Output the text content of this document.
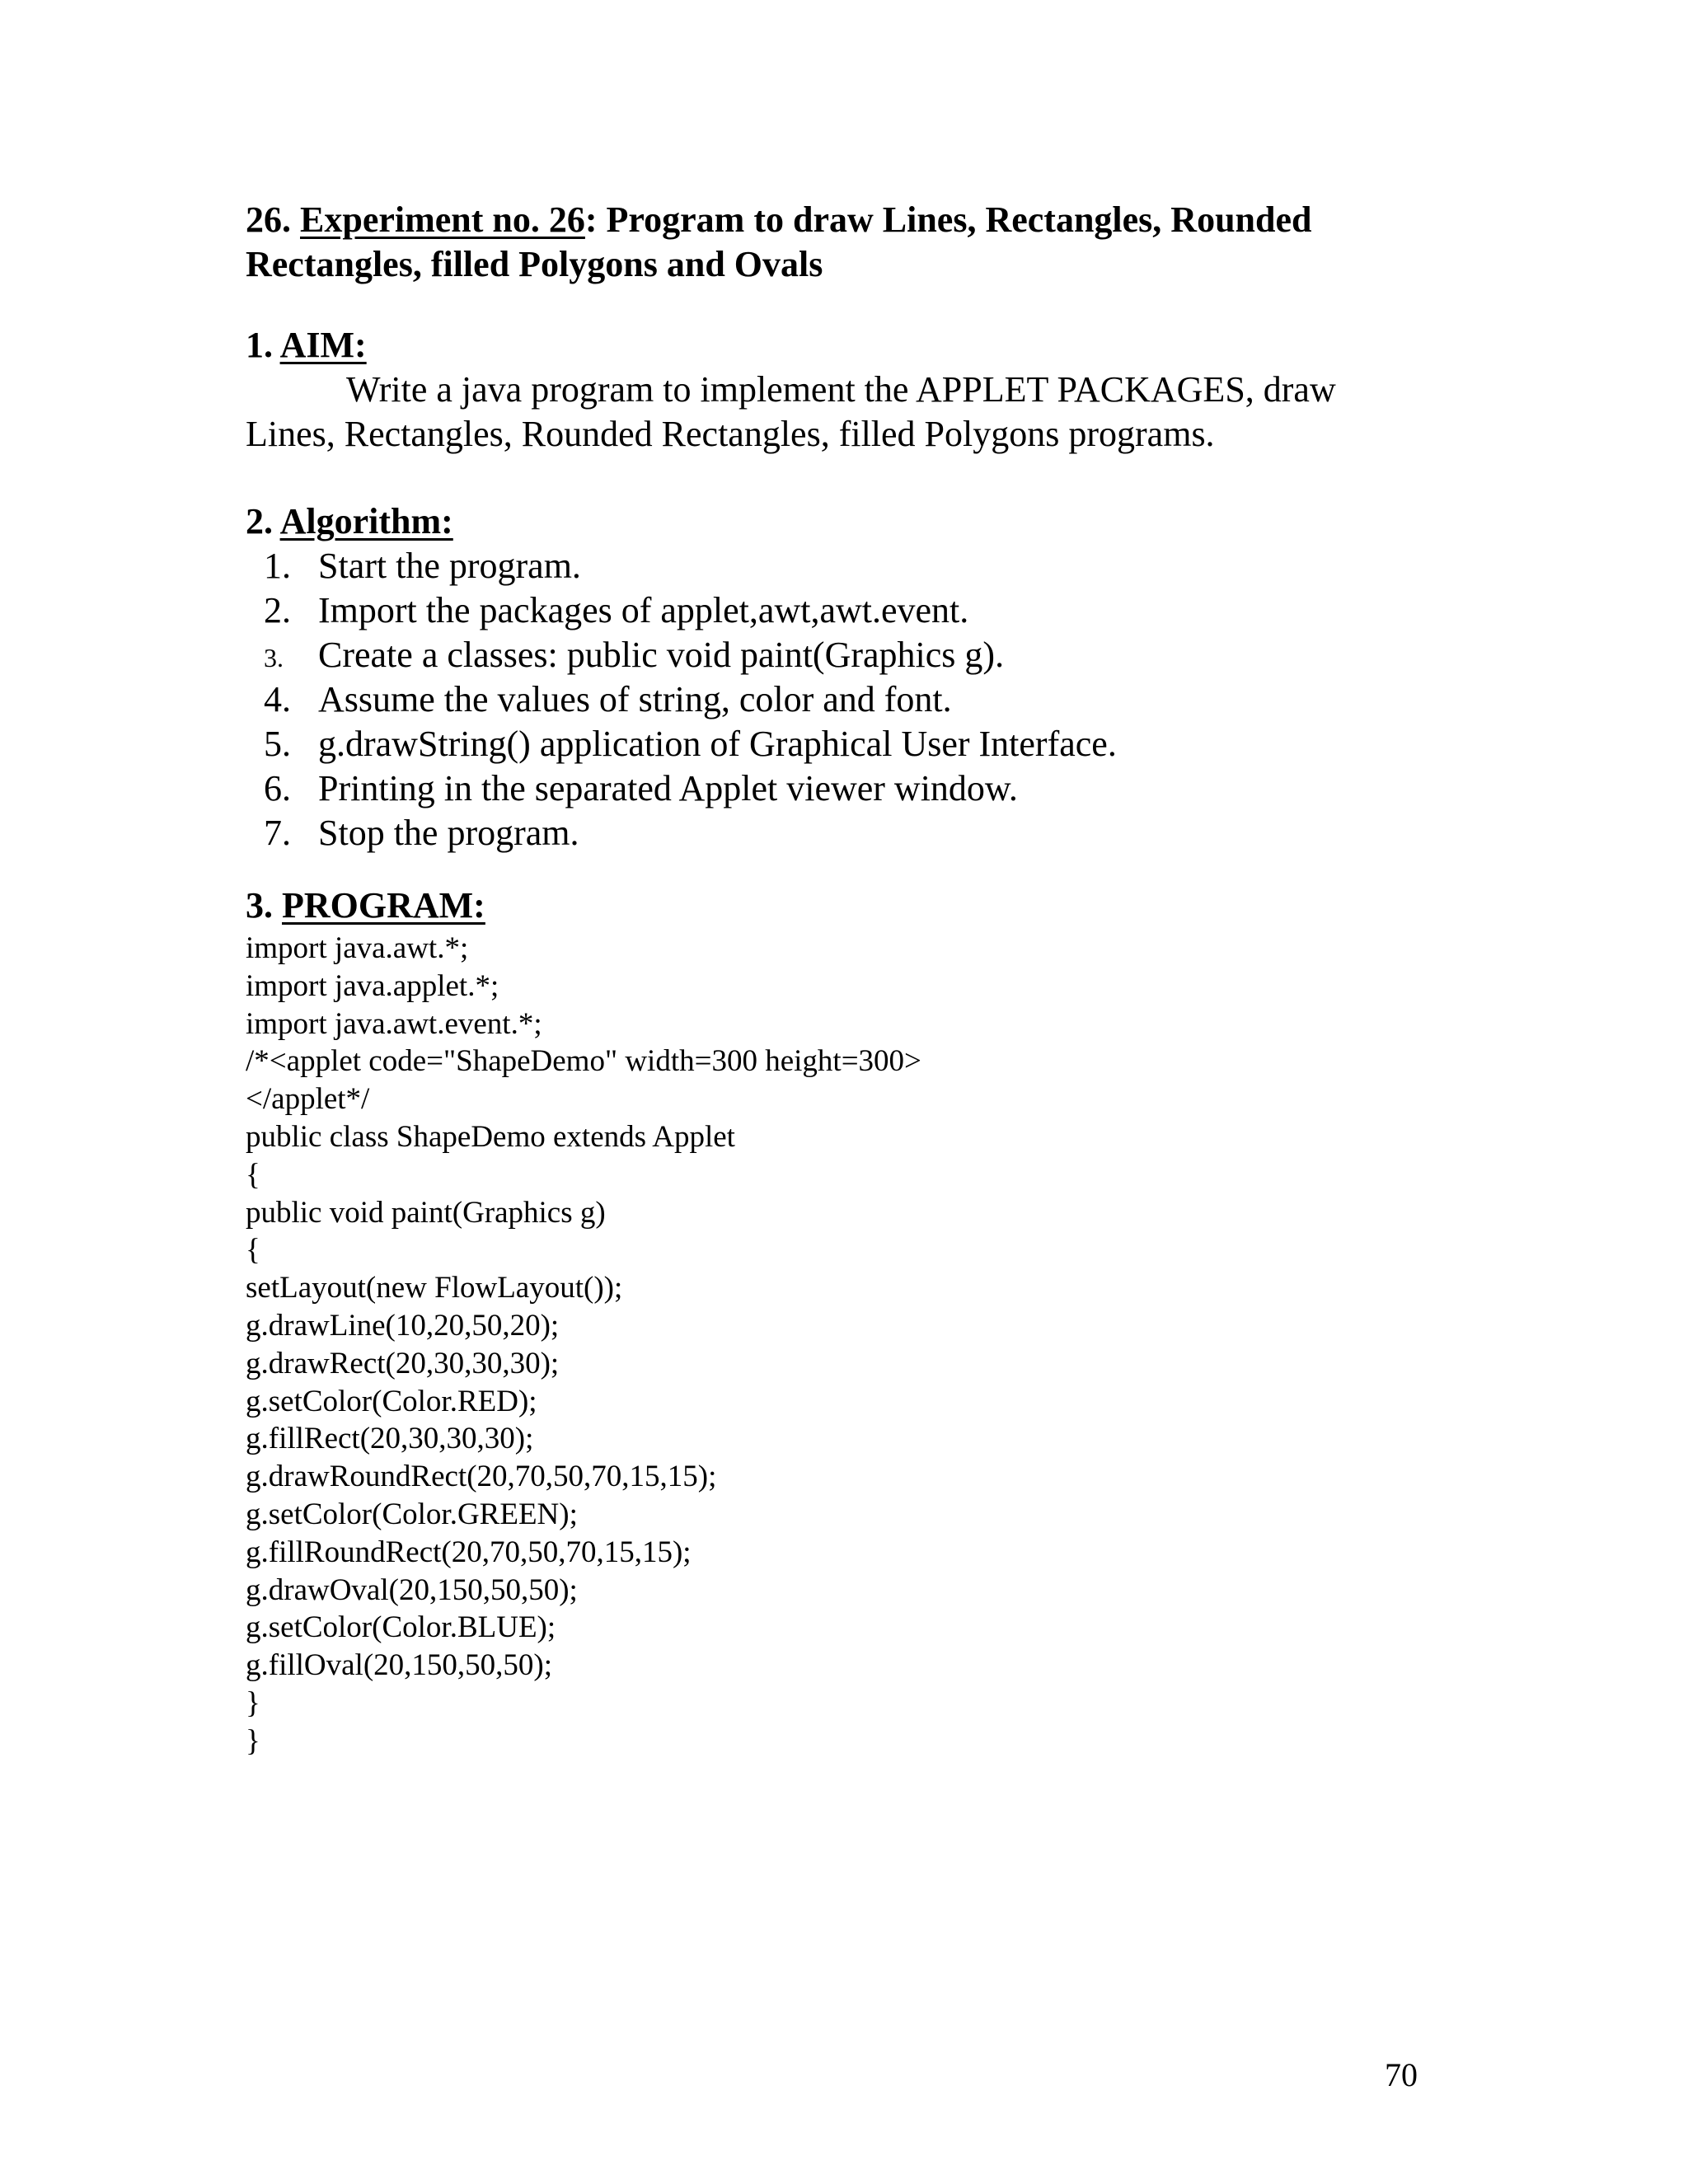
26. Experiment no. 26: Program to draw Lines, Rectangles, Rounded
Rectangles, filled Polygons and Ovals
1. AIM:
Write a java program to implement the APPLET PACKAGES, draw
Lines, Rectangles, Rounded Rectangles, filled Polygons programs.
2. Algorithm:
1. Start the program.
2. Import the packages of applet,awt,awt.event.
3. Create a classes: public void paint(Graphics g).
4. Assume the values of string, color and font.
5. g.drawString() application of Graphical User Interface.
6. Printing in the separated Applet viewer window.
7. Stop the program.
3. PROGRAM:
import java.awt.*;
import java.applet.*;
import java.awt.event.*;
/*<applet code="ShapeDemo" width=300 height=300>
</applet*/
public class ShapeDemo extends Applet
{
public void paint(Graphics g)
{
setLayout(new FlowLayout());
g.drawLine(10,20,50,20);
g.drawRect(20,30,30,30);
g.setColor(Color.RED);
g.fillRect(20,30,30,30);
g.drawRoundRect(20,70,50,70,15,15);
g.setColor(Color.GREEN);
g.fillRoundRect(20,70,50,70,15,15);
g.drawOval(20,150,50,50);
g.setColor(Color.BLUE);
g.fillOval(20,150,50,50);
}
}
70
